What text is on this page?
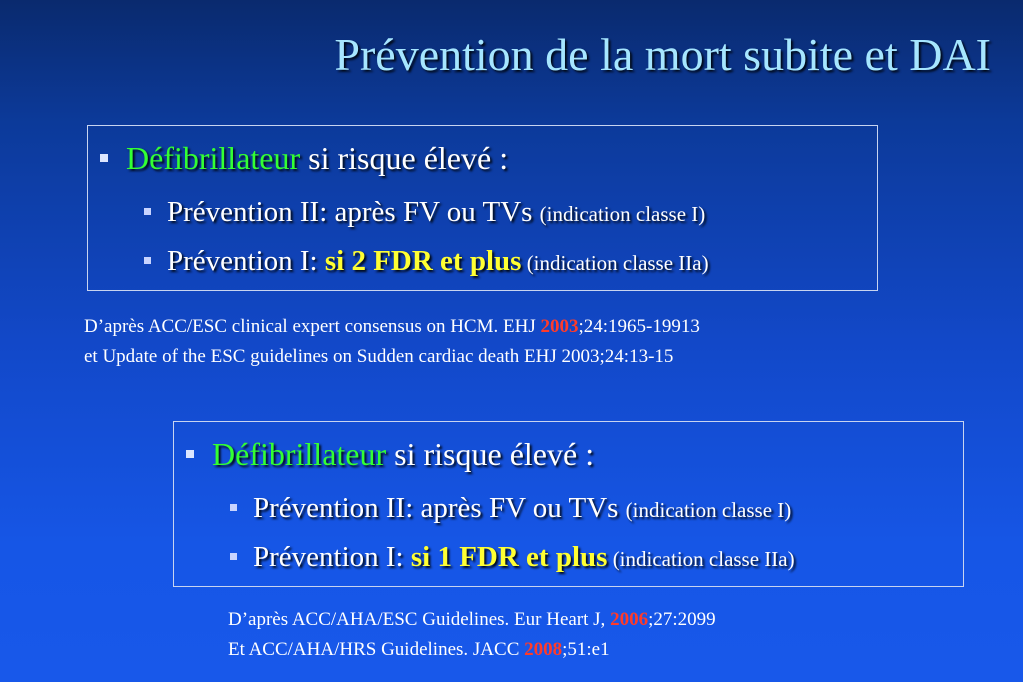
Prévention de la mort subite et DAI
Défibrillateur si risque élevé :
Prévention II: après FV ou TVs (indication classe I)
Prévention I: si 2 FDR et plus (indication classe IIa)
D’après ACC/ESC clinical expert consensus on HCM. EHJ 2003;24:1965-19913
et Update of the ESC guidelines on Sudden cardiac death EHJ 2003;24:13-15
Défibrillateur si risque élevé :
Prévention II: après FV ou TVs (indication classe I)
Prévention I: si 1 FDR et plus (indication classe IIa)
D’après ACC/AHA/ESC Guidelines. Eur Heart J, 2006;27:2099
Et ACC/AHA/HRS Guidelines. JACC 2008;51:e1
